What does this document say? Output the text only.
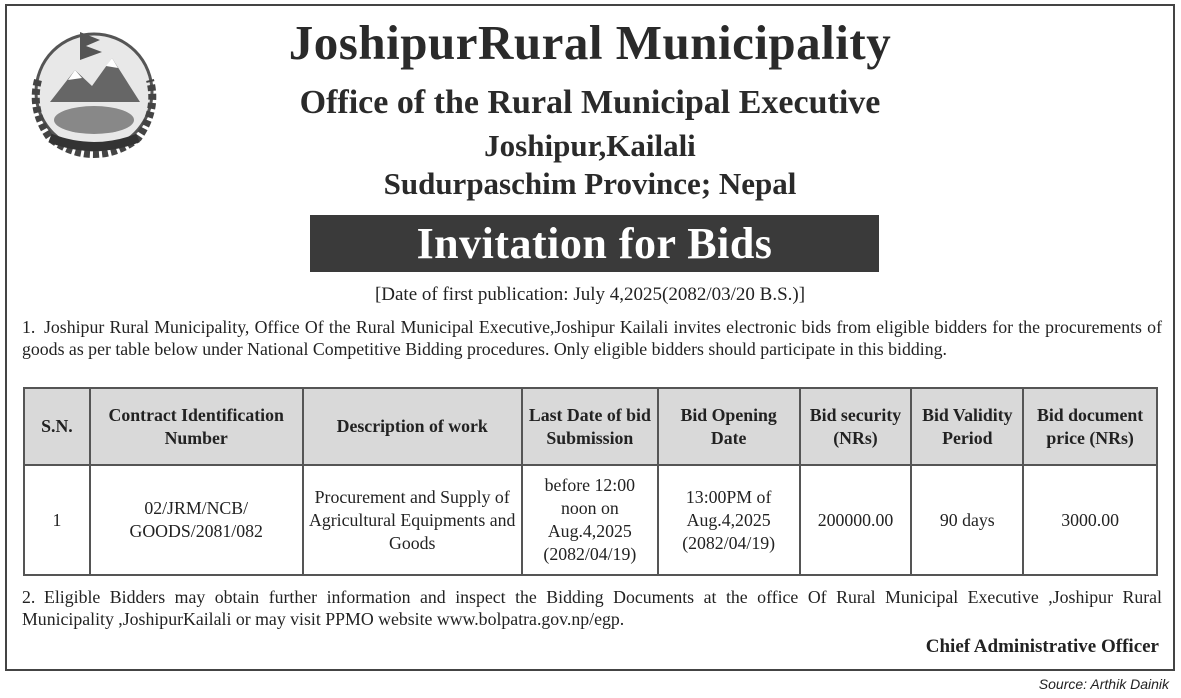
JoshipurRural Municipality
Office of the Rural Municipal Executive
Joshipur,Kailali
Sudurpaschim Province; Nepal
Invitation for Bids
[Date of first publication: July 4,2025(2082/03/20 B.S.)]
1. Joshipur Rural Municipality, Office Of the Rural Municipal Executive,Joshipur Kailali invites electronic bids from eligible bidders for the procurements of goods as per table below under National Competitive Bidding procedures. Only eligible bidders should participate in this bidding.
S.N.	Contract Identification Number	Description of work	Last Date of bid Submission	Bid Opening Date	Bid security (NRs)	Bid Validity Period	Bid document price (NRs)
1	02/JRM/NCB/ GOODS/2081/082	Procurement and Supply of Agricultural Equipments and Goods	before 12:00 noon on Aug.4,2025 (2082/04/19)	13:00PM of Aug.4,2025 (2082/04/19)	200000.00	90 days	3000.00
2. Eligible Bidders may obtain further information and inspect the Bidding Documents at the office Of Rural Municipal Executive ,Joshipur Rural Municipality ,JoshipurKailali or may visit PPMO website www.bolpatra.gov.np/egp.
Chief Administrative Officer
Source: Arthik Dainik
